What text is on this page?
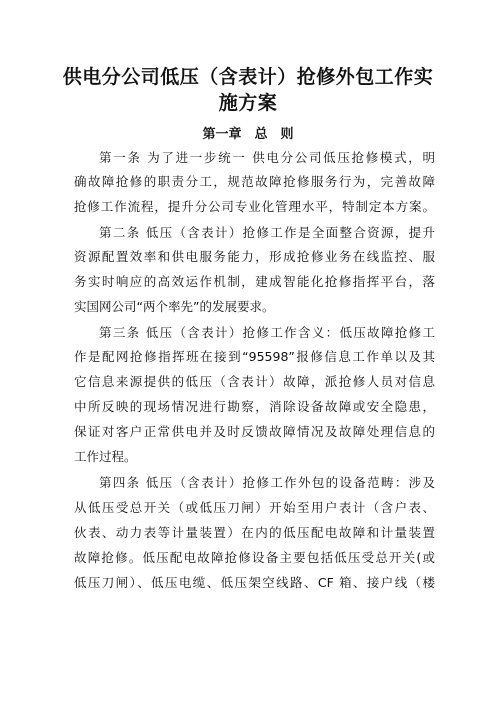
供电分公司低压（含表计）抢修外包工作实
施方案
第一章　总　则
第一条 为了进一步统一 供电分公司低压抢修模式，明
确故障抢修的职责分工，规范故障抢修服务行为，完善故障
抢修工作流程，提升分公司专业化管理水平，特制定本方案。
第二条 低压（含表计）抢修工作是全面整合资源，提升
资源配置效率和供电服务能力，形成抢修业务在线监控、服
务实时响应的高效运作机制，建成智能化抢修指挥平台，落
实国网公司“两个率先”的发展要求。
第三条 低压（含表计）抢修工作含义：低压故障抢修工
作是配网抢修指挥班在接到“95598”报修信息工作单以及其
它信息来源提供的低压（含表计）故障，派抢修人员对信息
中所反映的现场情况进行勘察，消除设备故障或安全隐患，
保证对客户正常供电并及时反馈故障情况及故障处理信息的
工作过程。
第四条 低压（含表计）抢修工作外包的设备范畴：涉及
从低压受总开关（或低压刀闸）开始至用户表计（含户表、
伙表、动力表等计量装置）在内的低压配电故障和计量装置
故障抢修。低压配电故障抢修设备主要包括低压受总开关(或
低压刀闸）、低压电缆、低压架空线路、CF 箱、接户线（楼
